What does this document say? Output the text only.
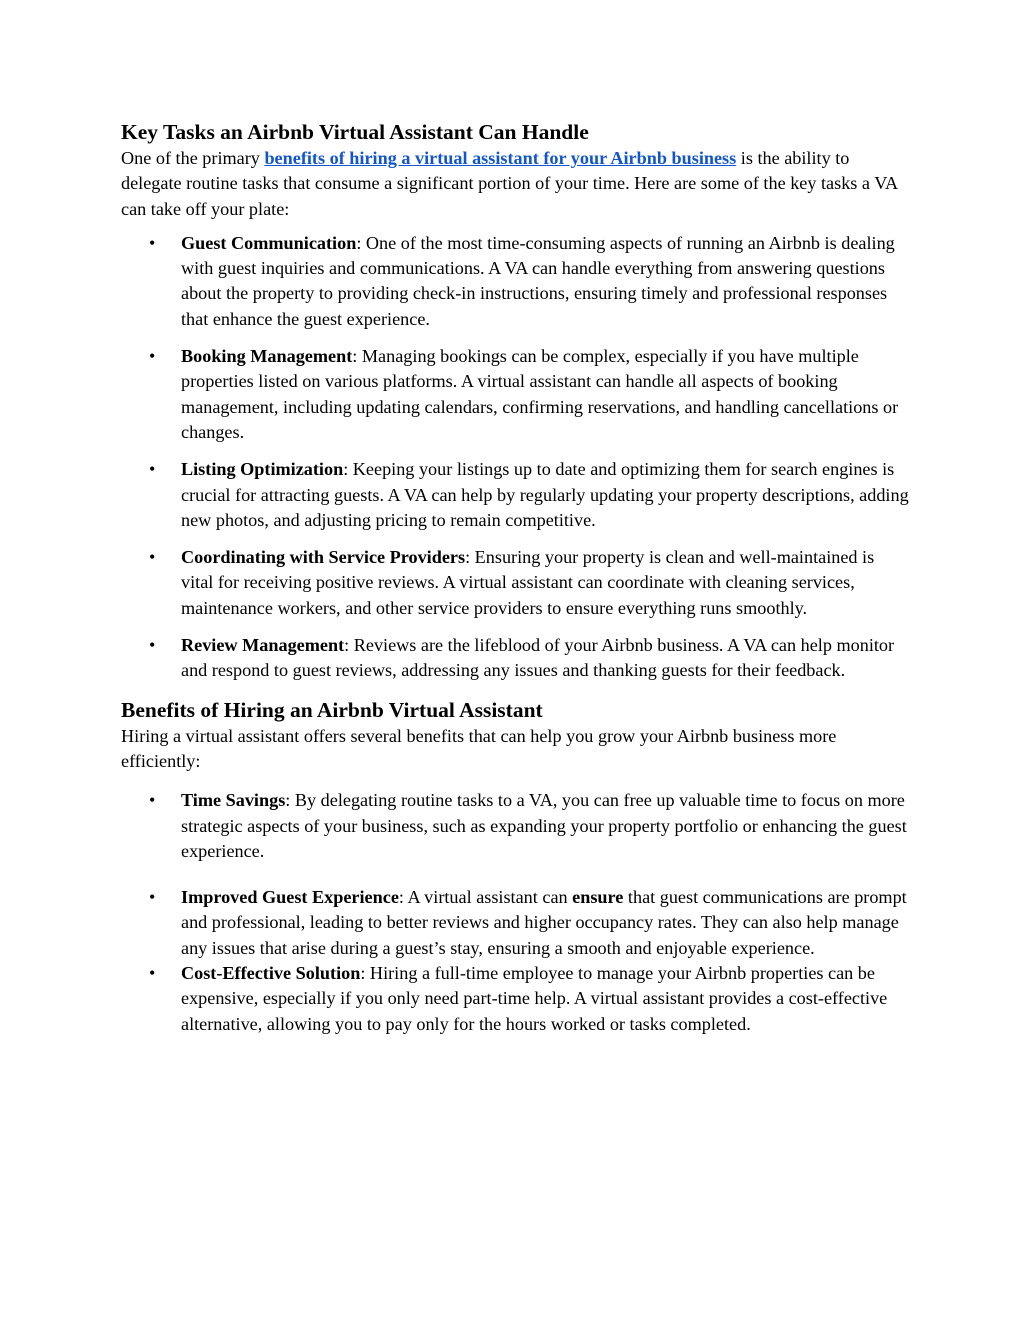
Key Tasks an Airbnb Virtual Assistant Can Handle

One of the primary benefits of hiring a virtual assistant for your Airbnb business is the ability to delegate routine tasks that consume a significant portion of your time. Here are some of the key tasks a VA can take off your plate:

• Guest Communication: One of the most time-consuming aspects of running an Airbnb is dealing with guest inquiries and communications. A VA can handle everything from answering questions about the property to providing check-in instructions, ensuring timely and professional responses that enhance the guest experience.
• Booking Management: Managing bookings can be complex, especially if you have multiple properties listed on various platforms. A virtual assistant can handle all aspects of booking management, including updating calendars, confirming reservations, and handling cancellations or changes.
• Listing Optimization: Keeping your listings up to date and optimizing them for search engines is crucial for attracting guests. A VA can help by regularly updating your property descriptions, adding new photos, and adjusting pricing to remain competitive.
• Coordinating with Service Providers: Ensuring your property is clean and well-maintained is vital for receiving positive reviews. A virtual assistant can coordinate with cleaning services, maintenance workers, and other service providers to ensure everything runs smoothly.
• Review Management: Reviews are the lifeblood of your Airbnb business. A VA can help monitor and respond to guest reviews, addressing any issues and thanking guests for their feedback.
Benefits of Hiring an Airbnb Virtual Assistant

Hiring a virtual assistant offers several benefits that can help you grow your Airbnb business more efficiently:

• Time Savings: By delegating routine tasks to a VA, you can free up valuable time to focus on more strategic aspects of your business, such as expanding your property portfolio or enhancing the guest experience.
• Improved Guest Experience: A virtual assistant can ensure that guest communications are prompt and professional, leading to better reviews and higher occupancy rates. They can also help manage any issues that arise during a guest’s stay, ensuring a smooth and enjoyable experience.
• Cost-Effective Solution: Hiring a full-time employee to manage your Airbnb properties can be expensive, especially if you only need part-time help. A virtual assistant provides a cost-effective alternative, allowing you to pay only for the hours worked or tasks completed.
